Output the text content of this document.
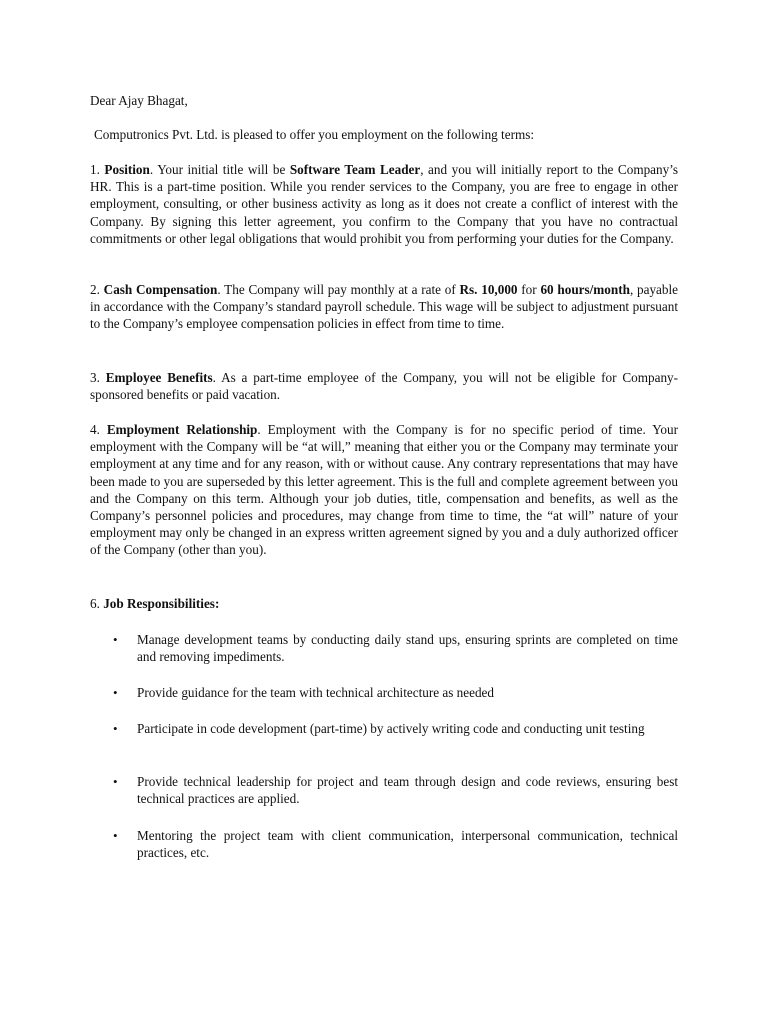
Dear Ajay Bhagat,

Computronics Pvt. Ltd. is pleased to offer you employment on the following terms:

1. Position. Your initial title will be Software Team Leader, and you will initially report to the Company’s HR. This is a part-time position. While you render services to the Company, you are free to engage in other employment, consulting, or other business activity as long as it does not create a conflict of interest with the Company. By signing this letter agreement, you confirm to the Company that you have no contractual commitments or other legal obligations that would prohibit you from performing your duties for the Company.

2. Cash Compensation. The Company will pay monthly at a rate of Rs. 10,000 for 60 hours/month, payable in accordance with the Company’s standard payroll schedule. This wage will be subject to adjustment pursuant to the Company’s employee compensation policies in effect from time to time.

3. Employee Benefits. As a part-time employee of the Company, you will not be eligible for Company-sponsored benefits or paid vacation.

4. Employment Relationship. Employment with the Company is for no specific period of time. Your employment with the Company will be “at will,” meaning that either you or the Company may terminate your employment at any time and for any reason, with or without cause. Any contrary representations that may have been made to you are superseded by this letter agreement. This is the full and complete agreement between you and the Company on this term. Although your job duties, title, compensation and benefits, as well as the Company’s personnel policies and procedures, may change from time to time, the “at will” nature of your employment may only be changed in an express written agreement signed by you and a duly authorized officer of the Company (other than you).

6. Job Responsibilities:

•	Manage development teams by conducting daily stand ups, ensuring sprints are completed on time and removing impediments.
•	Provide guidance for the team with technical architecture as needed
•	Participate in code development (part-time) by actively writing code and conducting unit testing
•	Provide technical leadership for project and team through design and code reviews, ensuring best technical practices are applied.
•	Mentoring the project team with client communication, interpersonal communication, technical practices, etc.
